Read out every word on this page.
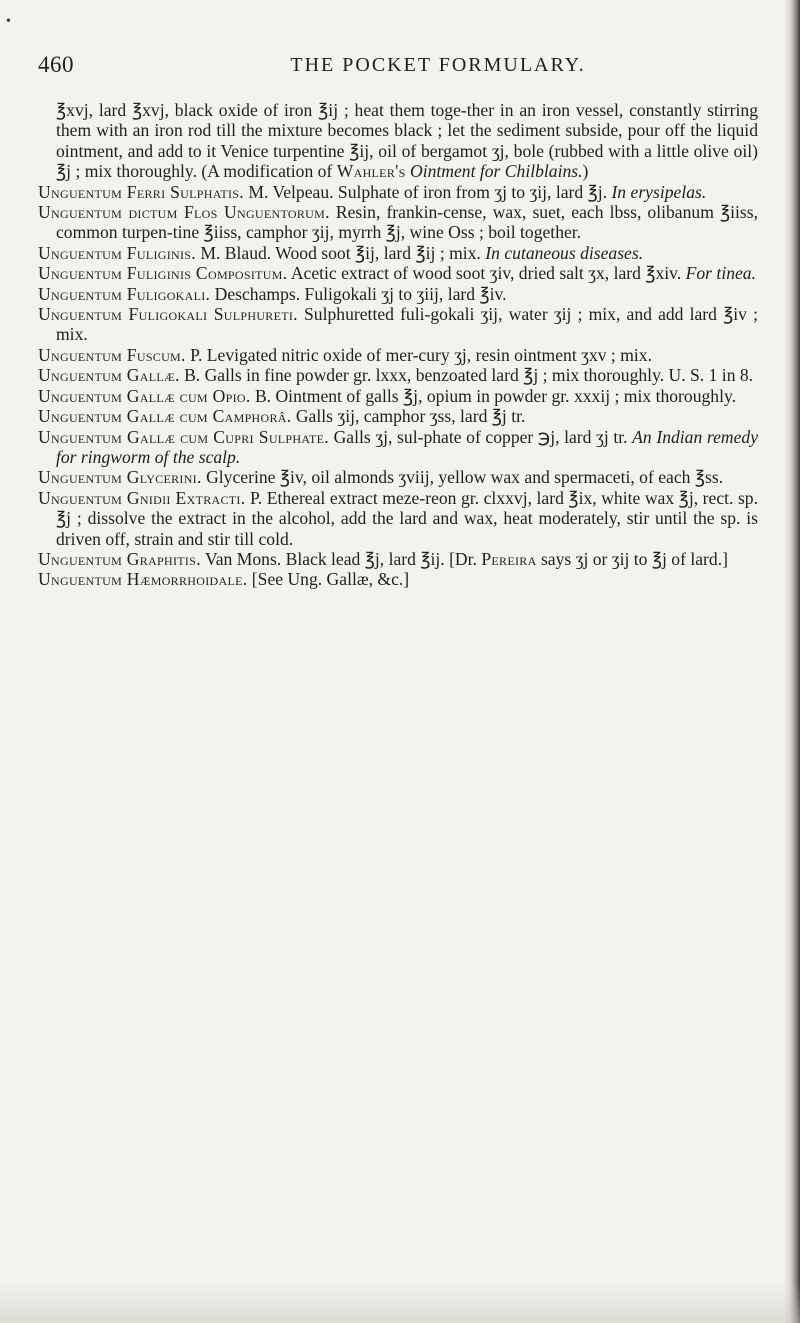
•
460	THE POCKET FORMULARY.

℥xvj, lard ℥xvj, black oxide of iron ℥ij ; heat them toge-ther in an iron vessel, constantly stirring them with an iron rod till the mixture becomes black ; let the sediment subside, pour off the liquid ointment, and add to it Venice turpentine ℥ij, oil of bergamot ʒj, bole (rubbed with a little olive oil) ℥j ; mix thoroughly. (A modification of Wahler's Ointment for Chilblains.)

Unguentum Ferri Sulphatis. M. Velpeau. Sulphate of iron from ʒj to ʒij, lard ℥j. In erysipelas.

Unguentum dictum Flos Unguentorum. Resin, frankin-cense, wax, suet, each lbss, olibanum ℥iiss, common turpen-tine ℥iiss, camphor ʒij, myrrh ℥j, wine Oss ; boil together.

Unguentum Fuliginis. M. Blaud. Wood soot ℥ij, lard ℥ij ; mix. In cutaneous diseases.

Unguentum Fuliginis Compositum. Acetic extract of wood soot ʒiv, dried salt ʒx, lard ℥xiv. For tinea.

Unguentum Fuligokali. Deschamps. Fuligokali ʒj to ʒiij, lard ℥iv.

Unguentum Fuligokali Sulphureti. Sulphuretted fuli-gokali ʒij, water ʒij ; mix, and add lard ℥iv ; mix.

Unguentum Fuscum. P. Levigated nitric oxide of mer-cury ʒj, resin ointment ʒxv ; mix.

Unguentum Gallæ. B. Galls in fine powder gr. lxxx, benzoated lard ℥j ; mix thoroughly. U. S. 1 in 8.

Unguentum Gallæ cum Opio. B. Ointment of galls ℥j, opium in powder gr. xxxij ; mix thoroughly.

Unguentum Gallæ cum Camphorâ. Galls ʒij, camphor ʒss, lard ℥j tr.

Unguentum Gallæ cum Cupri Sulphate. Galls ʒj, sul-phate of copper ℈j, lard ʒj tr. An Indian remedy for ringworm of the scalp.

Unguentum Glycerini. Glycerine ℥iv, oil almonds ʒviij, yellow wax and spermaceti, of each ℥ss.

Unguentum Gnidii Extracti. P. Ethereal extract meze-reon gr. clxxvj, lard ℥ix, white wax ℥j, rect. sp. ℥j ; dissolve the extract in the alcohol, add the lard and wax, heat moderately, stir until the sp. is driven off, strain and stir till cold.

Unguentum Graphitis. Van Mons. Black lead ℥j, lard ℥ij. [Dr. Pereira says ʒj or ʒij to ℥j of lard.]

Unguentum Hæmorrhoidale. [See Ung. Gallæ, &c.]
